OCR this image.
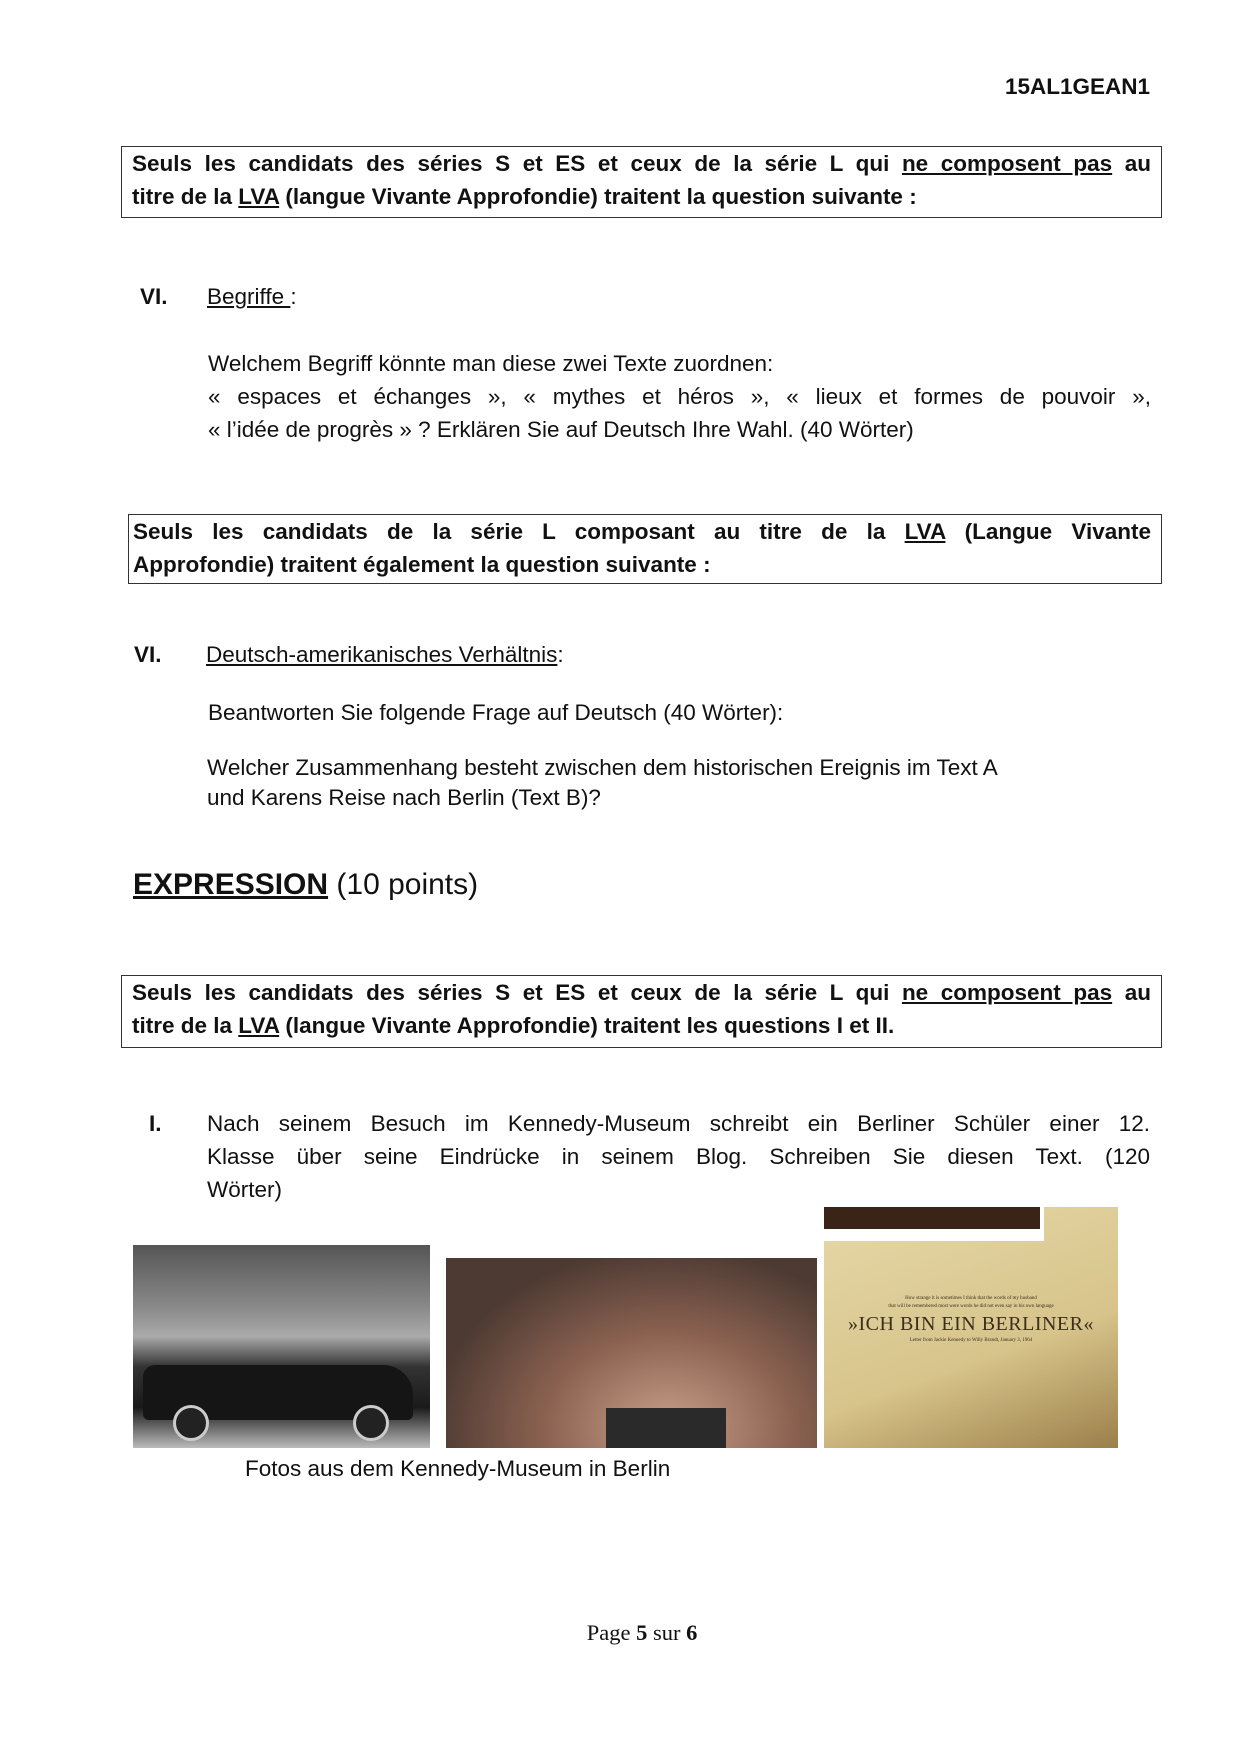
15AL1GEAN1
Seuls les candidats des séries S et ES et ceux de la série L qui ne composent pas au
titre de la LVA (langue Vivante Approfondie) traitent la question suivante :
VI. Begriffe :
Welchem Begriff könnte man diese zwei Texte zuordnen:
« espaces et échanges », « mythes et héros », « lieux et formes de pouvoir »,
« l’idée de progrès » ? Erklären Sie auf Deutsch Ihre Wahl. (40 Wörter)
Seuls les candidats de la série L composant au titre de la LVA (Langue Vivante
Approfondie) traitent également la question suivante :
VI. Deutsch-amerikanisches Verhältnis:
Beantworten Sie folgende Frage auf Deutsch (40 Wörter):
Welcher Zusammenhang besteht zwischen dem historischen Ereignis im Text A
und Karens Reise nach Berlin (Text B)?
EXPRESSION (10 points)
Seuls les candidats des séries S et ES et ceux de la série L qui ne composent pas au
titre de la LVA (langue Vivante Approfondie) traitent les questions I et II.
I. Nach seinem Besuch im Kennedy-Museum schreibt ein Berliner Schüler einer 12.
Klasse über seine Eindrücke in seinem Blog. Schreiben Sie diesen Text. (120
Wörter)
How strange it is sometimes I think that the words of my husband
that will be remembered most were words he did not even say in his own language
»ICH BIN EIN BERLINER«
Letter from Jackie Kennedy to Willy Brandt, January 3, 1964
Fotos aus dem Kennedy-Museum in Berlin
Page 5 sur 6
